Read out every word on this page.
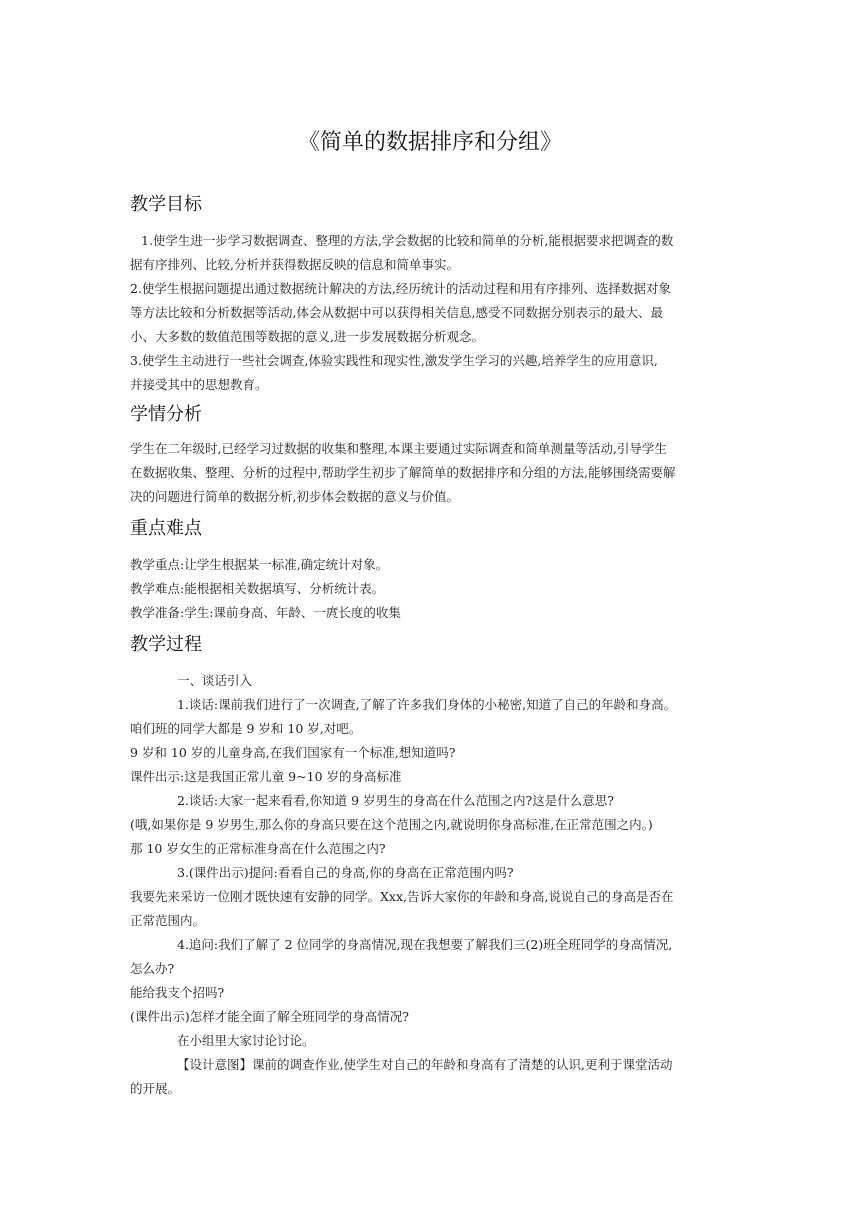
《简单的数据排序和分组》
教学目标
1.使学生进一步学习数据调查、整理的方法,学会数据的比较和简单的分析,能根据要求把调查的数
据有序排列、比较,分析并获得数据反映的信息和简单事实。
2.使学生根据问题提出通过数据统计解决的方法,经历统计的活动过程和用有序排列、选择数据对象
等方法比较和分析数据等活动,体会从数据中可以获得相关信息,感受不同数据分别表示的最大、最
小、大多数的数值范围等数据的意义,进一步发展数据分析观念。
3.使学生主动进行一些社会调查,体验实践性和现实性,激发学生学习的兴趣,培养学生的应用意识,
并接受其中的思想教育。
学情分析
学生在二年级时,已经学习过数据的收集和整理,本课主要通过实际调查和简单测量等活动,引导学生
在数据收集、整理、分析的过程中,帮助学生初步了解简单的数据排序和分组的方法,能够围绕需要解
决的问题进行简单的数据分析,初步体会数据的意义与价值。
重点难点
教学重点:让学生根据某一标准,确定统计对象。
教学难点:能根据相关数据填写、分析统计表。
教学准备:学生:课前身高、年龄、一庹长度的收集
教学过程
一、谈话引入
1.谈话:课前我们进行了一次调查,了解了许多我们身体的小秘密,知道了自己的年龄和身高。
咱们班的同学大都是 9 岁和 10 岁,对吧。
9 岁和 10 岁的儿童身高,在我们国家有一个标准,想知道吗?
课件出示:这是我国正常儿童 9~10 岁的身高标准
2.谈话:大家一起来看看,你知道 9 岁男生的身高在什么范围之内?这是什么意思?
(哦,如果你是 9 岁男生,那么你的身高只要在这个范围之内,就说明你身高标准,在正常范围之内。)
那 10 岁女生的正常标准身高在什么范围之内?
3.(课件出示)提问:看看自己的身高,你的身高在正常范围内吗?
我要先来采访一位刚才既快速有安静的同学。Xxx,告诉大家你的年龄和身高,说说自己的身高是否在
正常范围内。
4.追问:我们了解了 2 位同学的身高情况,现在我想要了解我们三(2)班全班同学的身高情况,
怎么办?
能给我支个招吗?
(课件出示)怎样才能全面了解全班同学的身高情况?
在小组里大家讨论讨论。
【设计意图】课前的调查作业,使学生对自己的年龄和身高有了清楚的认识,更利于课堂活动
的开展。
